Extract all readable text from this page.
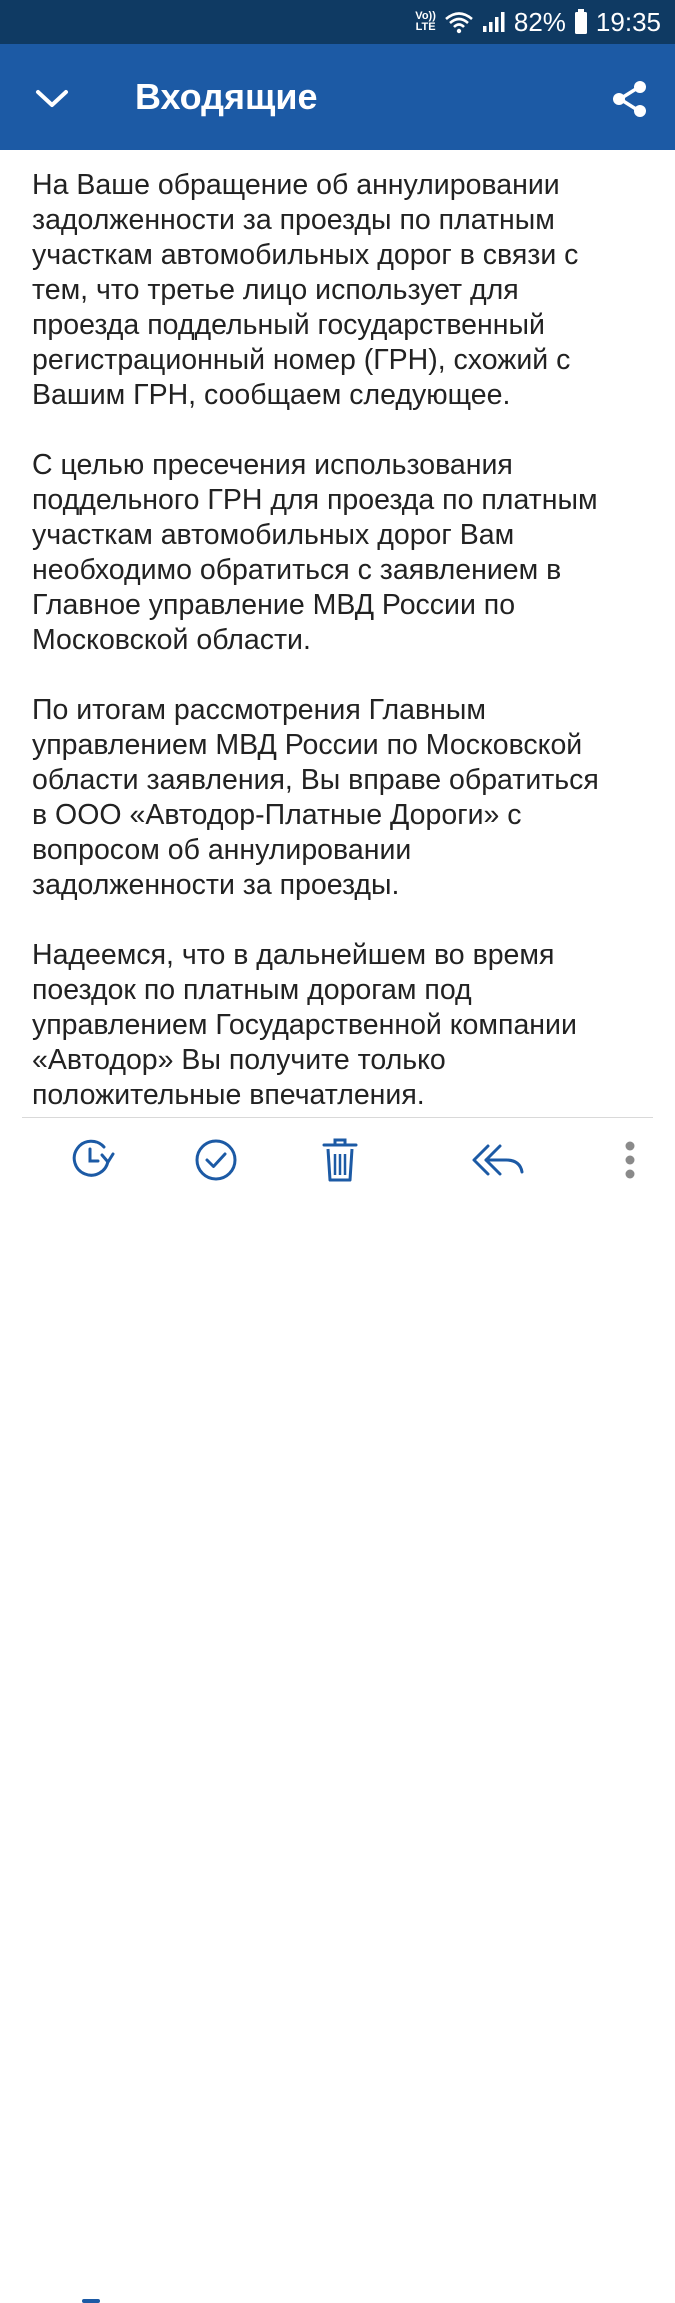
Vo))
LTE	82% 19:35
Входящие

На Ваше обращение об аннулировании
задолженности за проезды по платным
участкам автомобильных дорог в связи с
тем, что третье лицо использует для
проезда поддельный государственный
регистрационный номер (ГРН), схожий с
Вашим ГРН, сообщаем следующее.

С целью пресечения использования
поддельного ГРН для проезда по платным
участкам автомобильных дорог Вам
необходимо обратиться с заявлением в
Главное управление МВД России по
Московской области.

По итогам рассмотрения Главным
управлением МВД России по Московской
области заявления, Вы вправе обратиться
в ООО «Автодор-Платные Дороги» с
вопросом об аннулировании
задолженности за проезды.

Надеемся, что в дальнейшем во время
поездок по платным дорогам под
управлением Государственной компании
«Автодор» Вы получите только
положительные впечатления.
